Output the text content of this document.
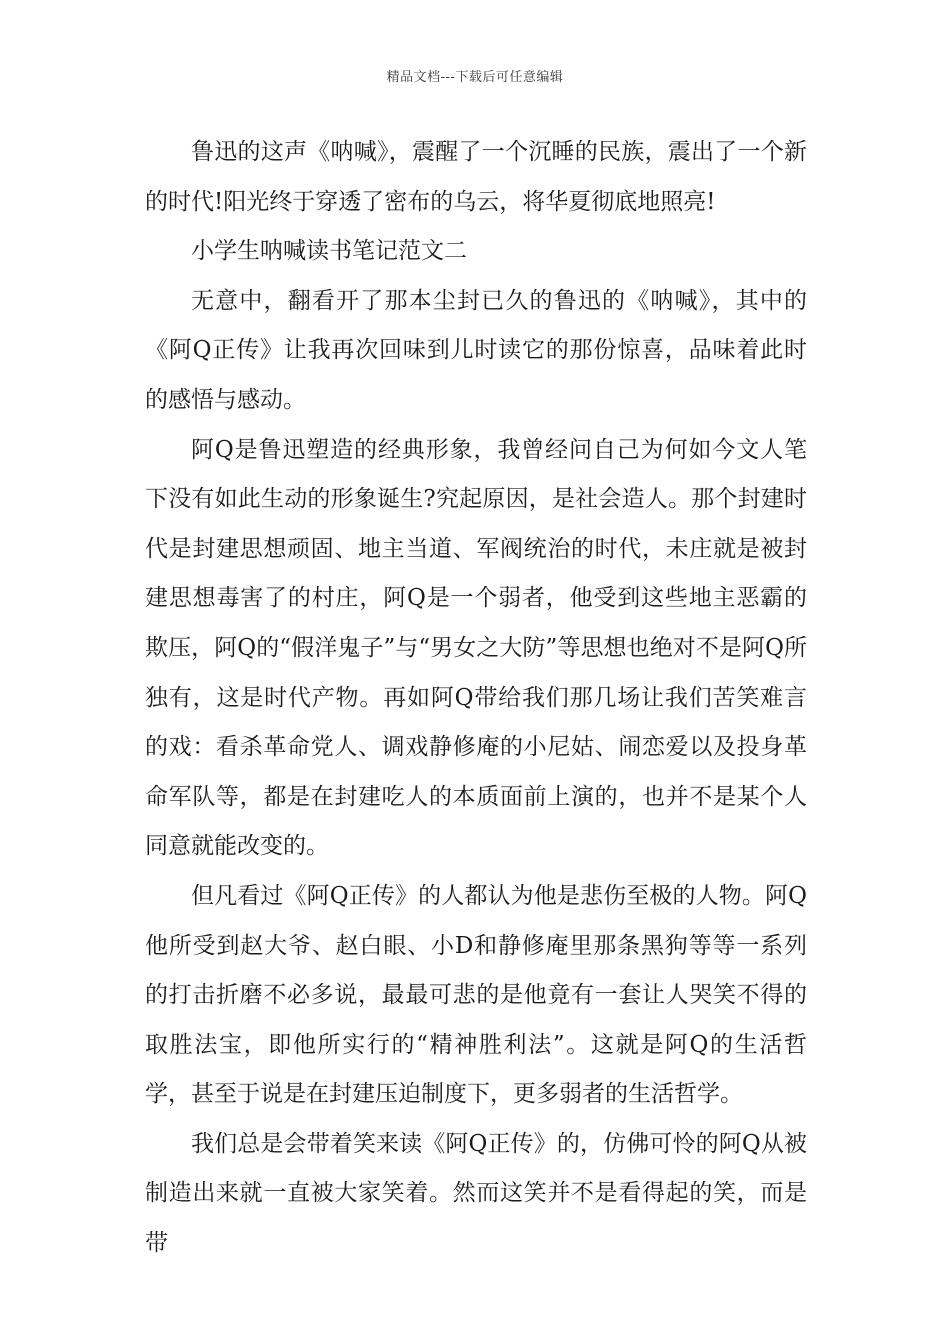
精品文档---下载后可任意编辑

鲁迅的这声《呐喊》，震醒了一个沉睡的民族，震出了一个新的时代!阳光终于穿透了密布的乌云，将华夏彻底地照亮!

小学生呐喊读书笔记范文二

无意中，翻看开了那本尘封已久的鲁迅的《呐喊》，其中的《阿Q正传》让我再次回味到儿时读它的那份惊喜，品味着此时的感悟与感动。

阿Q是鲁迅塑造的经典形象，我曾经问自己为何如今文人笔下没有如此生动的形象诞生?究起原因，是社会造人。那个封建时代是封建思想顽固、地主当道、军阀统治的时代，未庄就是被封建思想毒害了的村庄，阿Q是一个弱者，他受到这些地主恶霸的欺压，阿Q的“假洋鬼子”与“男女之大防”等思想也绝对不是阿Q所独有，这是时代产物。再如阿Q带给我们那几场让我们苦笑难言的戏：看杀革命党人、调戏静修庵的小尼姑、闹恋爱以及投身革命军队等，都是在封建吃人的本质面前上演的，也并不是某个人同意就能改变的。

但凡看过《阿Q正传》的人都认为他是悲伤至极的人物。阿Q他所受到赵大爷、赵白眼、小D和静修庵里那条黑狗等等一系列的打击折磨不必多说，最最可悲的是他竟有一套让人哭笑不得的取胜法宝，即他所实行的“精神胜利法”。这就是阿Q的生活哲学，甚至于说是在封建压迫制度下，更多弱者的生活哲学。

我们总是会带着笑来读《阿Q正传》的，仿佛可怜的阿Q从被制造出来就一直被大家笑着。然而这笑并不是看得起的笑，而是带
